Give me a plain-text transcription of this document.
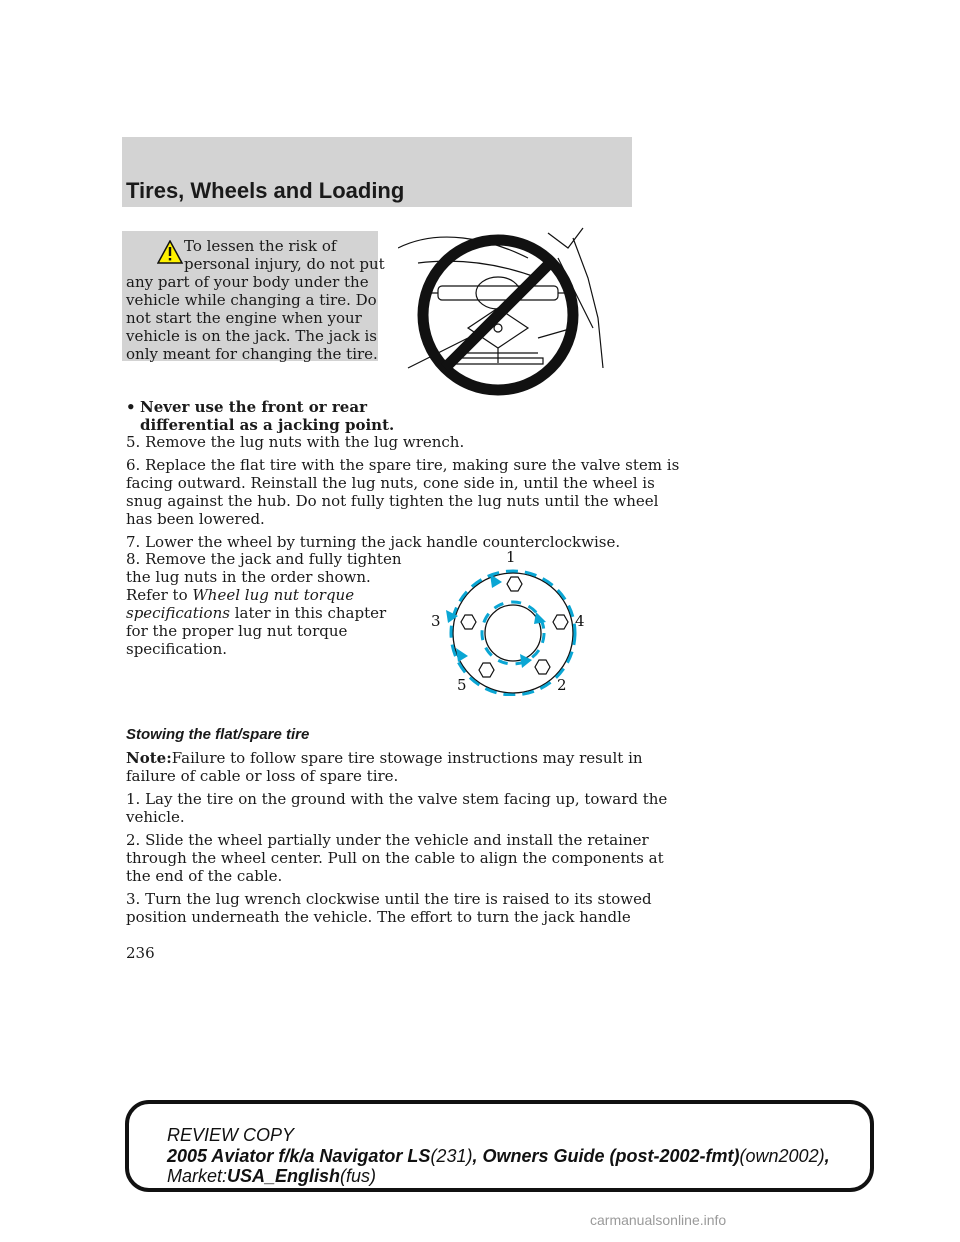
Tires, Wheels and Loading

To lessen the risk of

personal injury, do not put

any part of your body under the

vehicle while changing a tire. Do

not start the engine when your

vehicle is on the jack. The jack is

only meant for changing the tire.

• Never use the front or rear

differential as a jacking point.

5. Remove the lug nuts with the lug wrench.

6. Replace the flat tire with the spare tire, making sure the valve stem is

facing outward. Reinstall the lug nuts, cone side in, until the wheel is

snug against the hub. Do not fully tighten the lug nuts until the wheel

has been lowered.

7. Lower the wheel by turning the jack handle counterclockwise.

8. Remove the jack and fully tighten

the lug nuts in the order shown.

Refer to Wheel lug nut torque

specifications later in this chapter

for the proper lug nut torque

specification.

1
4
2
5
3

Stowing the flat/spare tire

Note:Failure to follow spare tire stowage instructions may result in

failure of cable or loss of spare tire.

1. Lay the tire on the ground with the valve stem facing up, toward the

vehicle.

2. Slide the wheel partially under the vehicle and install the retainer

through the wheel center. Pull on the cable to align the components at

the end of the cable.

3. Turn the lug wrench clockwise until the tire is raised to its stowed

position underneath the vehicle. The effort to turn the jack handle

236

REVIEW COPY

2005 Aviator f/k/a Navigator LS(231), Owners Guide (post-2002-fmt)(own2002),

Market:USA_English(fus)

carmanualsonline.info
